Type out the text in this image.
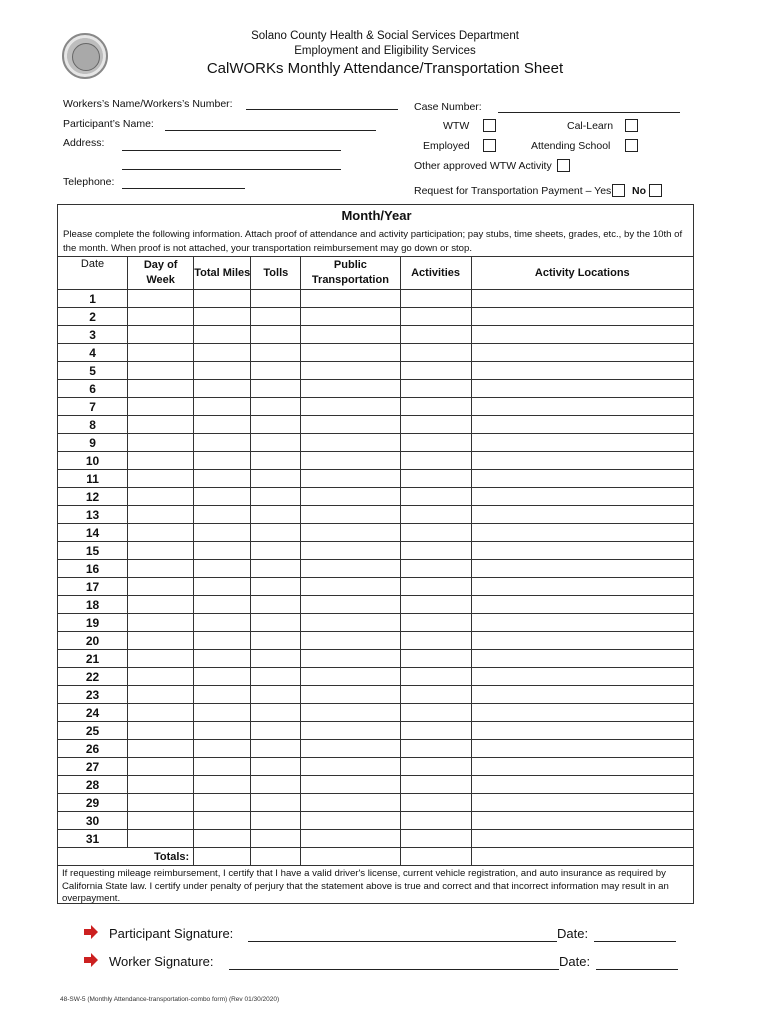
Solano County Health & Social Services Department
Employment and Eligibility Services
CalWORKs Monthly Attendance/Transportation Sheet
Workers’s Name/Workers’s Number:
Participant’s Name:
Address:
Telephone:
Case Number:
WTW	Cal-Learn
Employed	Attending School
Other approved WTW Activity
Request for Transportation Payment – Yes No
Month/Year
Please complete the following information. Attach proof of attendance and activity participation; pay stubs, time sheets, grades, etc., by the 10th of the month. When proof is not attached, your transportation reimbursement may go down or stop.
Date	Day of Week	Total Miles	Tolls	Public Transportation	Activities	Activity Locations
1						
2						
3						
4						
5						
6						
7						
8						
9						
10						
11						
12						
13						
14						
15						
16						
17						
18						
19						
20						
21						
22						
23						
24						
25						
26						
27						
28						
29						
30						
31						
Totals:						
If requesting mileage reimbursement, I certify that I have a valid driver's license, current vehicle registration, and auto insurance as required by California State law. I certify under penalty of perjury that the statement above is true and correct and that incorrect information may result in an overpayment.
Participant Signature:	Date:
Worker Signature:	Date:
48-SW-5 (Monthly Attendance-transportation-combo form) (Rev 01/30/2020)
